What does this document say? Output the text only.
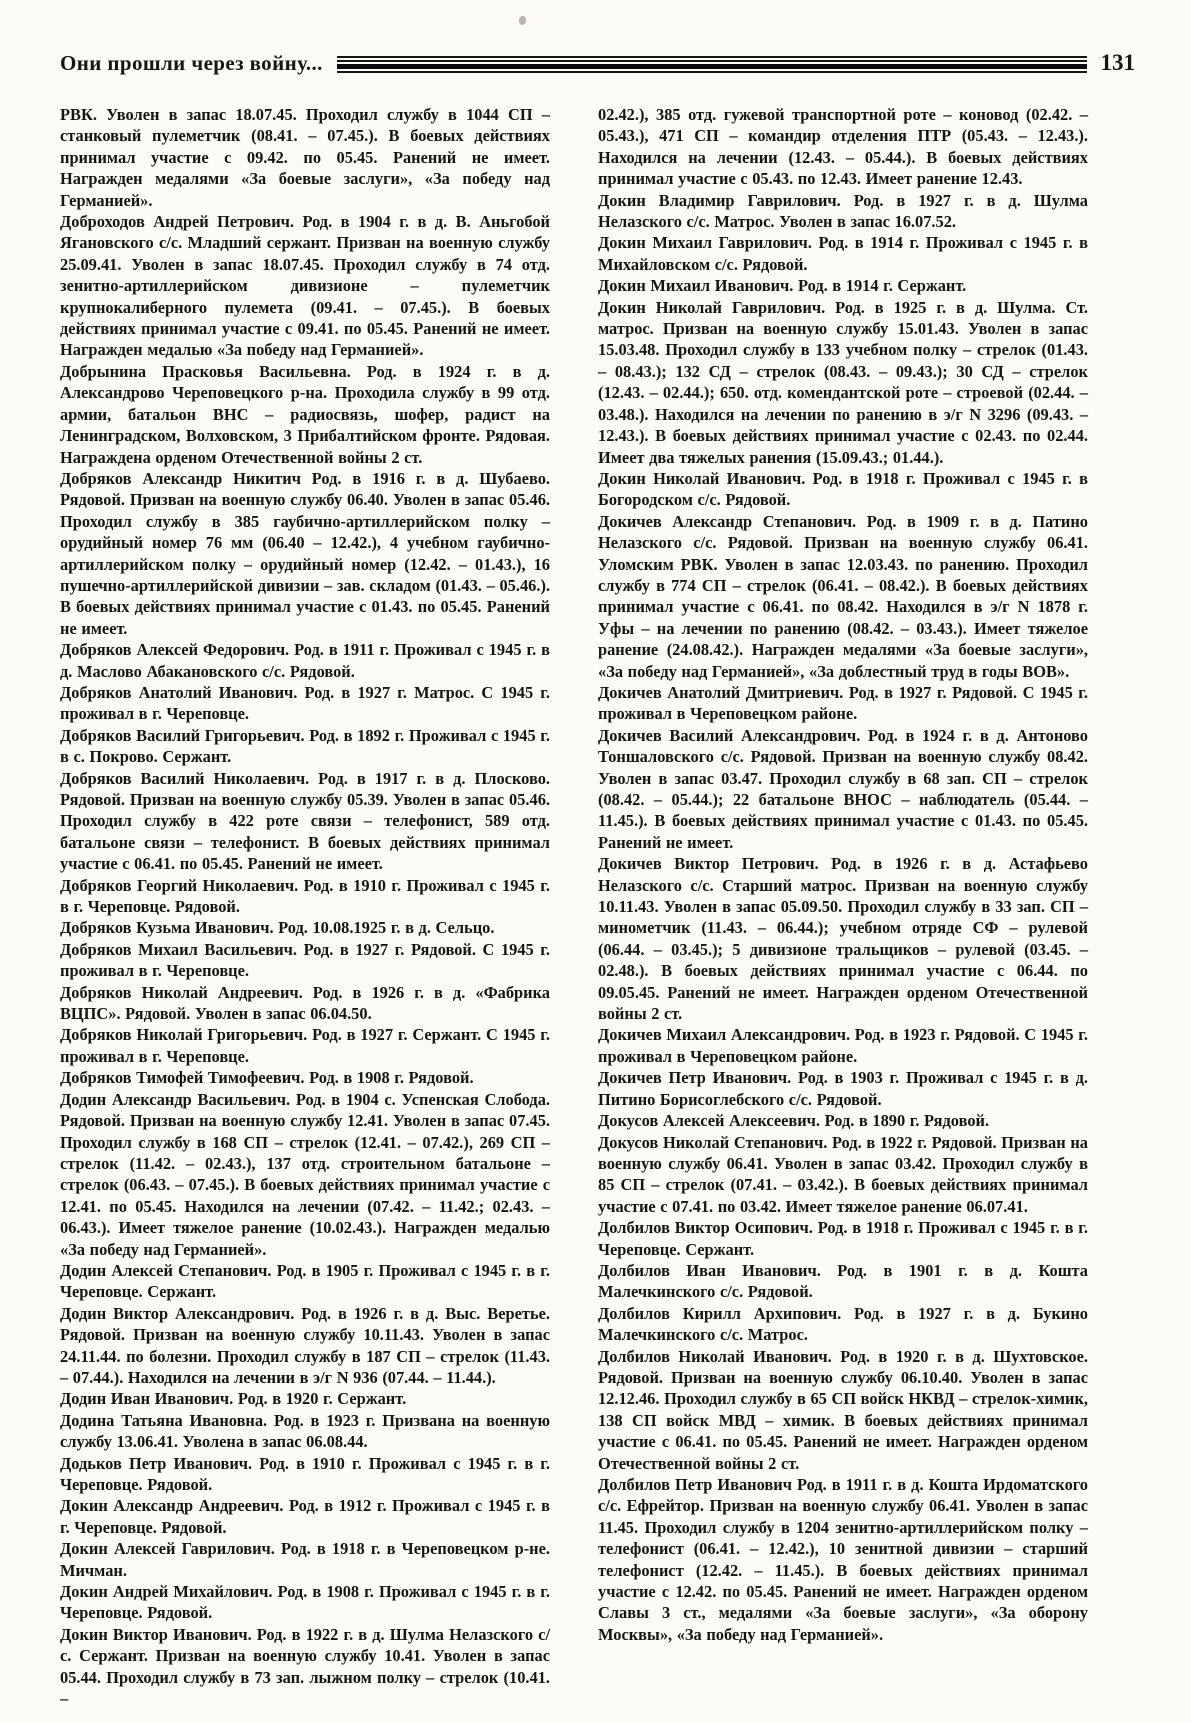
Они прошли через войну...	131

РВК. Уволен в запас 18.07.45. Проходил службу в 1044 СП – станковый пулеметчик (08.41. – 07.45.). В боевых действиях принимал участие с 09.42. по 05.45. Ранений не имеет. Награжден медалями «За боевые заслуги», «За победу над Германией».

Доброходов Андрей Петрович. Род. в 1904 г. в д. В. Аньгобой Ягановского с/с. Младший сержант. Призван на военную службу 25.09.41. Уволен в запас 18.07.45. Проходил службу в 74 отд. зенитно-артиллерийском дивизионе – пулеметчик крупнокалиберного пулемета (09.41. – 07.45.). В боевых действиях принимал участие с 09.41. по 05.45. Ранений не имеет. Награжден медалью «За победу над Германией».

Добрынина Прасковья Васильевна. Род. в 1924 г. в д. Александрово Череповецкого р-на. Проходила службу в 99 отд. армии, батальон ВНС – радиосвязь, шофер, радист на Ленинградском, Волховском, 3 Прибалтийском фронте. Рядовая. Награждена орденом Отечественной войны 2 ст.

Добряков Александр Никитич Род. в 1916 г. в д. Шубаево. Рядовой. Призван на военную службу 06.40. Уволен в запас 05.46. Проходил службу в 385 гаубично-артиллерийском полку – орудийный номер 76 мм (06.40 – 12.42.), 4 учебном гаубично-артиллерийском полку – орудийный номер (12.42. – 01.43.), 16 пушечно-артиллерийской дивизии – зав. складом (01.43. – 05.46.). В боевых действиях принимал участие с 01.43. по 05.45. Ранений не имеет.

Добряков Алексей Федорович. Род. в 1911 г. Проживал с 1945 г. в д. Маслово Абакановского с/с. Рядовой.

Добряков Анатолий Иванович. Род. в 1927 г. Матрос. С 1945 г. проживал в г. Череповце.

Добряков Василий Григорьевич. Род. в 1892 г. Проживал с 1945 г. в с. Покрово. Сержант.

Добряков Василий Николаевич. Род. в 1917 г. в д. Плосково. Рядовой. Призван на военную службу 05.39. Уволен в запас 05.46. Проходил службу в 422 роте связи – телефонист, 589 отд. батальоне связи – телефонист. В боевых действиях принимал участие с 06.41. по 05.45. Ранений не имеет.

Добряков Георгий Николаевич. Род. в 1910 г. Проживал с 1945 г. в г. Череповце. Рядовой.

Добряков Кузьма Иванович. Род. 10.08.1925 г. в д. Сельцо.

Добряков Михаил Васильевич. Род. в 1927 г. Рядовой. С 1945 г. проживал в г. Череповце.

Добряков Николай Андреевич. Род. в 1926 г. в д. «Фабрика ВЦПС». Рядовой. Уволен в запас 06.04.50.

Добряков Николай Григорьевич. Род. в 1927 г. Сержант. С 1945 г. проживал в г. Череповце.

Добряков Тимофей Тимофеевич. Род. в 1908 г. Рядовой.

Додин Александр Васильевич. Род. в 1904 с. Успенская Слобода. Рядовой. Призван на военную службу 12.41. Уволен в запас 07.45. Проходил службу в 168 СП – стрелок (12.41. – 07.42.), 269 СП – стрелок (11.42. – 02.43.), 137 отд. строительном батальоне – стрелок (06.43. – 07.45.). В боевых действиях принимал участие с 12.41. по 05.45. Находился на лечении (07.42. – 11.42.; 02.43. – 06.43.). Имеет тяжелое ранение (10.02.43.). Награжден медалью «За победу над Германией».

Додин Алексей Степанович. Род. в 1905 г. Проживал с 1945 г. в г. Череповце. Сержант.

Додин Виктор Александрович. Род. в 1926 г. в д. Выс. Веретье. Рядовой. Призван на военную службу 10.11.43. Уволен в запас 24.11.44. по болезни. Проходил службу в 187 СП – стрелок (11.43. – 07.44.). Находился на лечении в э/г N 936 (07.44. – 11.44.).

Додин Иван Иванович. Род. в 1920 г. Сержант.

Додина Татьяна Ивановна. Род. в 1923 г. Призвана на военную службу 13.06.41. Уволена в запас 06.08.44.

Додьков Петр Иванович. Род. в 1910 г. Проживал с 1945 г. в г. Череповце. Рядовой.

Докин Александр Андреевич. Род. в 1912 г. Проживал с 1945 г. в г. Череповце. Рядовой.

Докин Алексей Гаврилович. Род. в 1918 г. в Череповецком р-не. Мичман.

Докин Андрей Михайлович. Род. в 1908 г. Проживал с 1945 г. в г. Череповце. Рядовой.

Докин Виктор Иванович. Род. в 1922 г. в д. Шулма Нелазского с/с. Сержант. Призван на военную службу 10.41. Уволен в запас 05.44. Проходил службу в 73 зап. лыжном полку – стрелок (10.41. –

02.42.), 385 отд. гужевой транспортной роте – коновод (02.42. – 05.43.), 471 СП – командир отделения ПТР (05.43. – 12.43.). Находился на лечении (12.43. – 05.44.). В боевых действиях принимал участие с 05.43. по 12.43. Имеет ранение 12.43.

Докин Владимир Гаврилович. Род. в 1927 г. в д. Шулма Нелазского с/с. Матрос. Уволен в запас 16.07.52.

Докин Михаил Гаврилович. Род. в 1914 г. Проживал с 1945 г. в Михайловском с/с. Рядовой.

Докин Михаил Иванович. Род. в 1914 г. Сержант.

Докин Николай Гаврилович. Род. в 1925 г. в д. Шулма. Ст. матрос. Призван на военную службу 15.01.43. Уволен в запас 15.03.48. Проходил службу в 133 учебном полку – стрелок (01.43. – 08.43.); 132 СД – стрелок (08.43. – 09.43.); 30 СД – стрелок (12.43. – 02.44.); 650. отд. комендантской роте – строевой (02.44. – 03.48.). Находился на лечении по ранению в э/г N 3296 (09.43. – 12.43.). В боевых действиях принимал участие с 02.43. по 02.44. Имеет два тяжелых ранения (15.09.43.; 01.44.).

Докин Николай Иванович. Род. в 1918 г. Проживал с 1945 г. в Богородском с/с. Рядовой.

Докичев Александр Степанович. Род. в 1909 г. в д. Патино Нелазского с/с. Рядовой. Призван на военную службу 06.41. Уломским РВК. Уволен в запас 12.03.43. по ранению. Проходил службу в 774 СП – стрелок (06.41. – 08.42.). В боевых действиях принимал участие с 06.41. по 08.42. Находился в э/г N 1878 г. Уфы – на лечении по ранению (08.42. – 03.43.). Имеет тяжелое ранение (24.08.42.). Награжден медалями «За боевые заслуги», «За победу над Германией», «За доблестный труд в годы ВОВ».

Докичев Анатолий Дмитриевич. Род. в 1927 г. Рядовой. С 1945 г. проживал в Череповецком районе.

Докичев Василий Александрович. Род. в 1924 г. в д. Антоново Тоншаловского с/с. Рядовой. Призван на военную службу 08.42. Уволен в запас 03.47. Проходил службу в 68 зап. СП – стрелок (08.42. – 05.44.); 22 батальоне ВНОС – наблюдатель (05.44. – 11.45.). В боевых действиях принимал участие с 01.43. по 05.45. Ранений не имеет.

Докичев Виктор Петрович. Род. в 1926 г. в д. Астафьево Нелазского с/с. Старший матрос. Призван на военную службу 10.11.43. Уволен в запас 05.09.50. Проходил службу в 33 зап. СП – минометчик (11.43. – 06.44.); учебном отряде СФ – рулевой (06.44. – 03.45.); 5 дивизионе тральщиков – рулевой (03.45. – 02.48.). В боевых действиях принимал участие с 06.44. по 09.05.45. Ранений не имеет. Награжден орденом Отечественной войны 2 ст.

Докичев Михаил Александрович. Род. в 1923 г. Рядовой. С 1945 г. проживал в Череповецком районе.

Докичев Петр Иванович. Род. в 1903 г. Проживал с 1945 г. в д. Питино Борисоглебского с/с. Рядовой.

Докусов Алексей Алексеевич. Род. в 1890 г. Рядовой.

Докусов Николай Степанович. Род. в 1922 г. Рядовой. Призван на военную службу 06.41. Уволен в запас 03.42. Проходил службу в 85 СП – стрелок (07.41. – 03.42.). В боевых действиях принимал участие с 07.41. по 03.42. Имеет тяжелое ранение 06.07.41.

Долбилов Виктор Осипович. Род. в 1918 г. Проживал с 1945 г. в г. Череповце. Сержант.

Долбилов Иван Иванович. Род. в 1901 г. в д. Кошта Малечкинского с/с. Рядовой.

Долбилов Кирилл Архипович. Род. в 1927 г. в д. Букино Малечкинского с/с. Матрос.

Долбилов Николай Иванович. Род. в 1920 г. в д. Шухтовское. Рядовой. Призван на военную службу 06.10.40. Уволен в запас 12.12.46. Проходил службу в 65 СП войск НКВД – стрелок-химик, 138 СП войск МВД – химик. В боевых действиях принимал участие с 06.41. по 05.45. Ранений не имеет. Награжден орденом Отечественной войны 2 ст.

Долбилов Петр Иванович Род. в 1911 г. в д. Кошта Ирдоматского с/с. Ефрейтор. Призван на военную службу 06.41. Уволен в запас 11.45. Проходил службу в 1204 зенитно-артиллерийском полку – телефонист (06.41. – 12.42.), 10 зенитной дивизии – старший телефонист (12.42. – 11.45.). В боевых действиях принимал участие с 12.42. по 05.45. Ранений не имеет. Награжден орденом Славы 3 ст., медалями «За боевые заслуги», «За оборону Москвы», «За победу над Германией».
